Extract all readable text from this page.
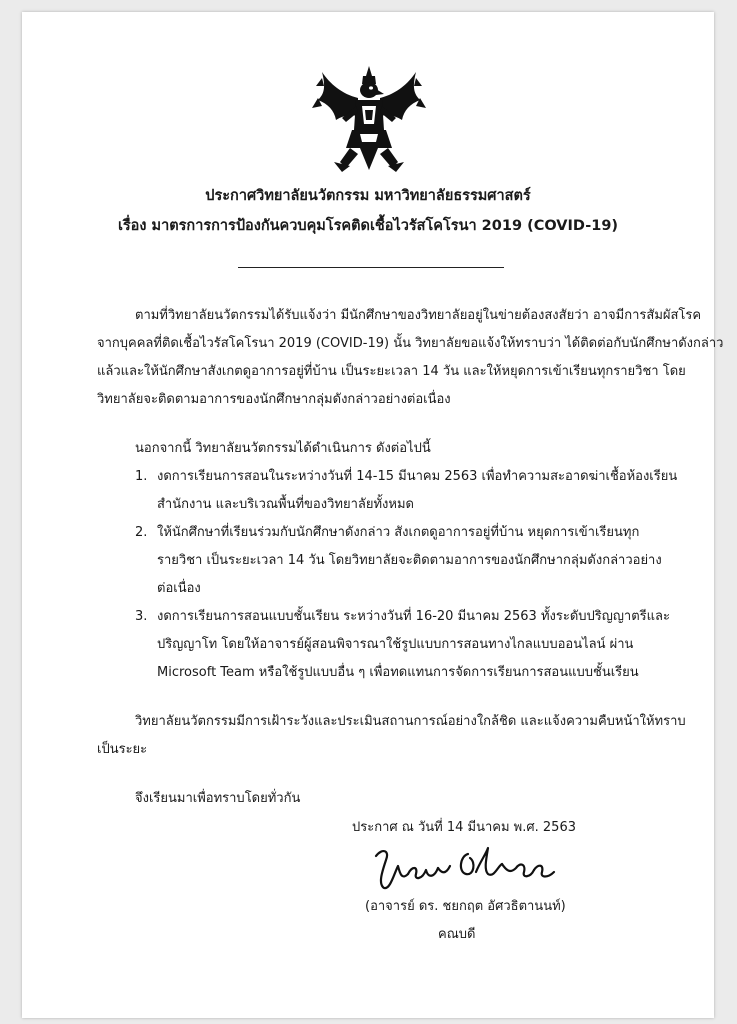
ประกาศวิทยาลัยนวัตกรรม มหาวิทยาลัยธรรมศาสตร์
เรื่อง มาตรการการป้องกันควบคุมโรคติดเชื้อไวรัสโคโรนา 2019 (COVID-19)
ตามที่วิทยาลัยนวัตกรรมได้รับแจ้งว่า มีนักศึกษาของวิทยาลัยอยู่ในข่ายต้องสงสัยว่า อาจมีการสัมผัสโรค
จากบุคคลที่ติดเชื้อไวรัสโคโรนา 2019 (COVID-19) นั้น วิทยาลัยขอแจ้งให้ทราบว่า ได้ติดต่อกับนักศึกษาดังกล่าว
แล้วและให้นักศึกษาสังเกตดูอาการอยู่ที่บ้าน เป็นระยะเวลา 14 วัน และให้หยุดการเข้าเรียนทุกรายวิชา โดย
วิทยาลัยจะติดตามอาการของนักศึกษากลุ่มดังกล่าวอย่างต่อเนื่อง
นอกจากนี้ วิทยาลัยนวัตกรรมได้ดำเนินการ ดังต่อไปนี้
1. งดการเรียนการสอนในระหว่างวันที่ 14-15 มีนาคม 2563 เพื่อทำความสะอาดฆ่าเชื้อห้องเรียน
สำนักงาน และบริเวณพื้นที่ของวิทยาลัยทั้งหมด
2. ให้นักศึกษาที่เรียนร่วมกับนักศึกษาดังกล่าว สังเกตดูอาการอยู่ที่บ้าน หยุดการเข้าเรียนทุก
รายวิชา เป็นระยะเวลา 14 วัน โดยวิทยาลัยจะติดตามอาการของนักศึกษากลุ่มดังกล่าวอย่าง
ต่อเนื่อง
3. งดการเรียนการสอนแบบชั้นเรียน ระหว่างวันที่ 16-20 มีนาคม 2563 ทั้งระดับปริญญาตรีและ
ปริญญาโท โดยให้อาจารย์ผู้สอนพิจารณาใช้รูปแบบการสอนทางไกลแบบออนไลน์ ผ่าน
Microsoft Team หรือใช้รูปแบบอื่น ๆ เพื่อทดแทนการจัดการเรียนการสอนแบบชั้นเรียน
วิทยาลัยนวัตกรรมมีการเฝ้าระวังและประเมินสถานการณ์อย่างใกล้ชิด และแจ้งความคืบหน้าให้ทราบ
เป็นระยะ
จึงเรียนมาเพื่อทราบโดยทั่วกัน
ประกาศ ณ วันที่ 14 มีนาคม พ.ศ. 2563
(อาจารย์ ดร. ชยกฤต อัศวธิตานนท์)
คณบดี
